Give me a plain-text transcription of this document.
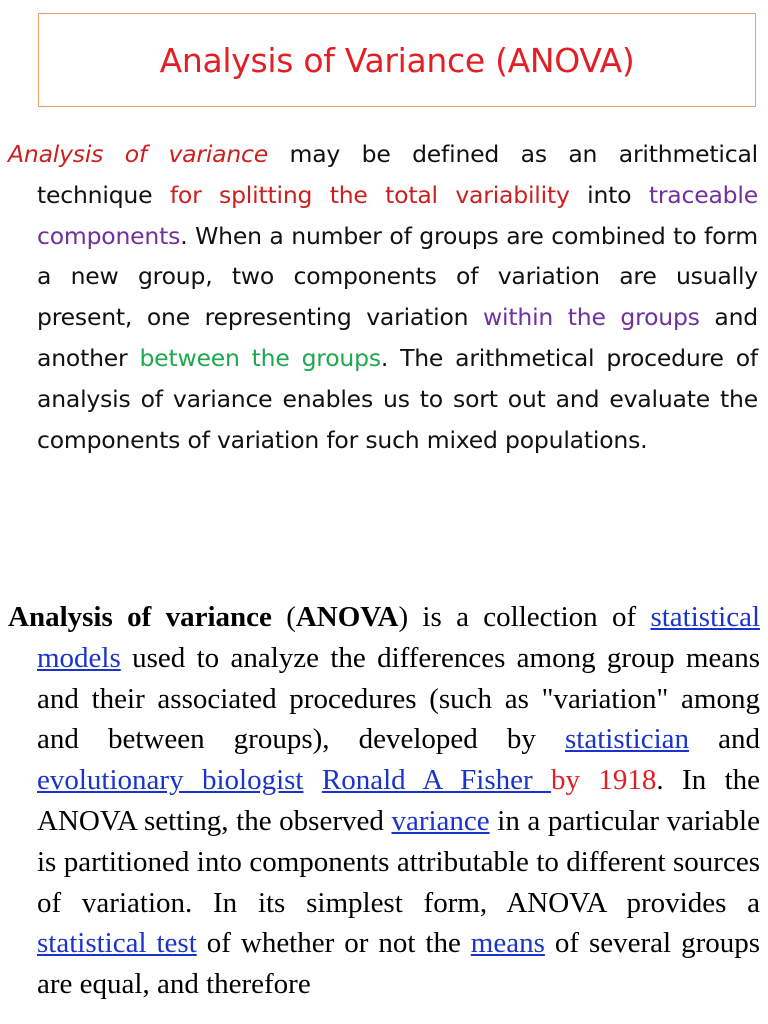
Analysis of Variance (ANOVA)

Analysis of variance may be defined as an arithmetical technique for splitting the total variability into traceable components. When a number of groups are combined to form a new group, two components of variation are usually present, one representing variation within the groups and another between the groups. The arithmetical procedure of analysis of variance enables us to sort out and evaluate the components of variation for such mixed populations.

Analysis of variance (ANOVA) is a collection of statistical models used to analyze the differences among group means and their associated procedures (such as "variation" among and between groups), developed by statistician and evolutionary biologist Ronald A Fisher by 1918. In the ANOVA setting, the observed variance in a particular variable is partitioned into components attributable to different sources of variation. In its simplest form, ANOVA provides a statistical test of whether or not the means of several groups are equal, and therefore
